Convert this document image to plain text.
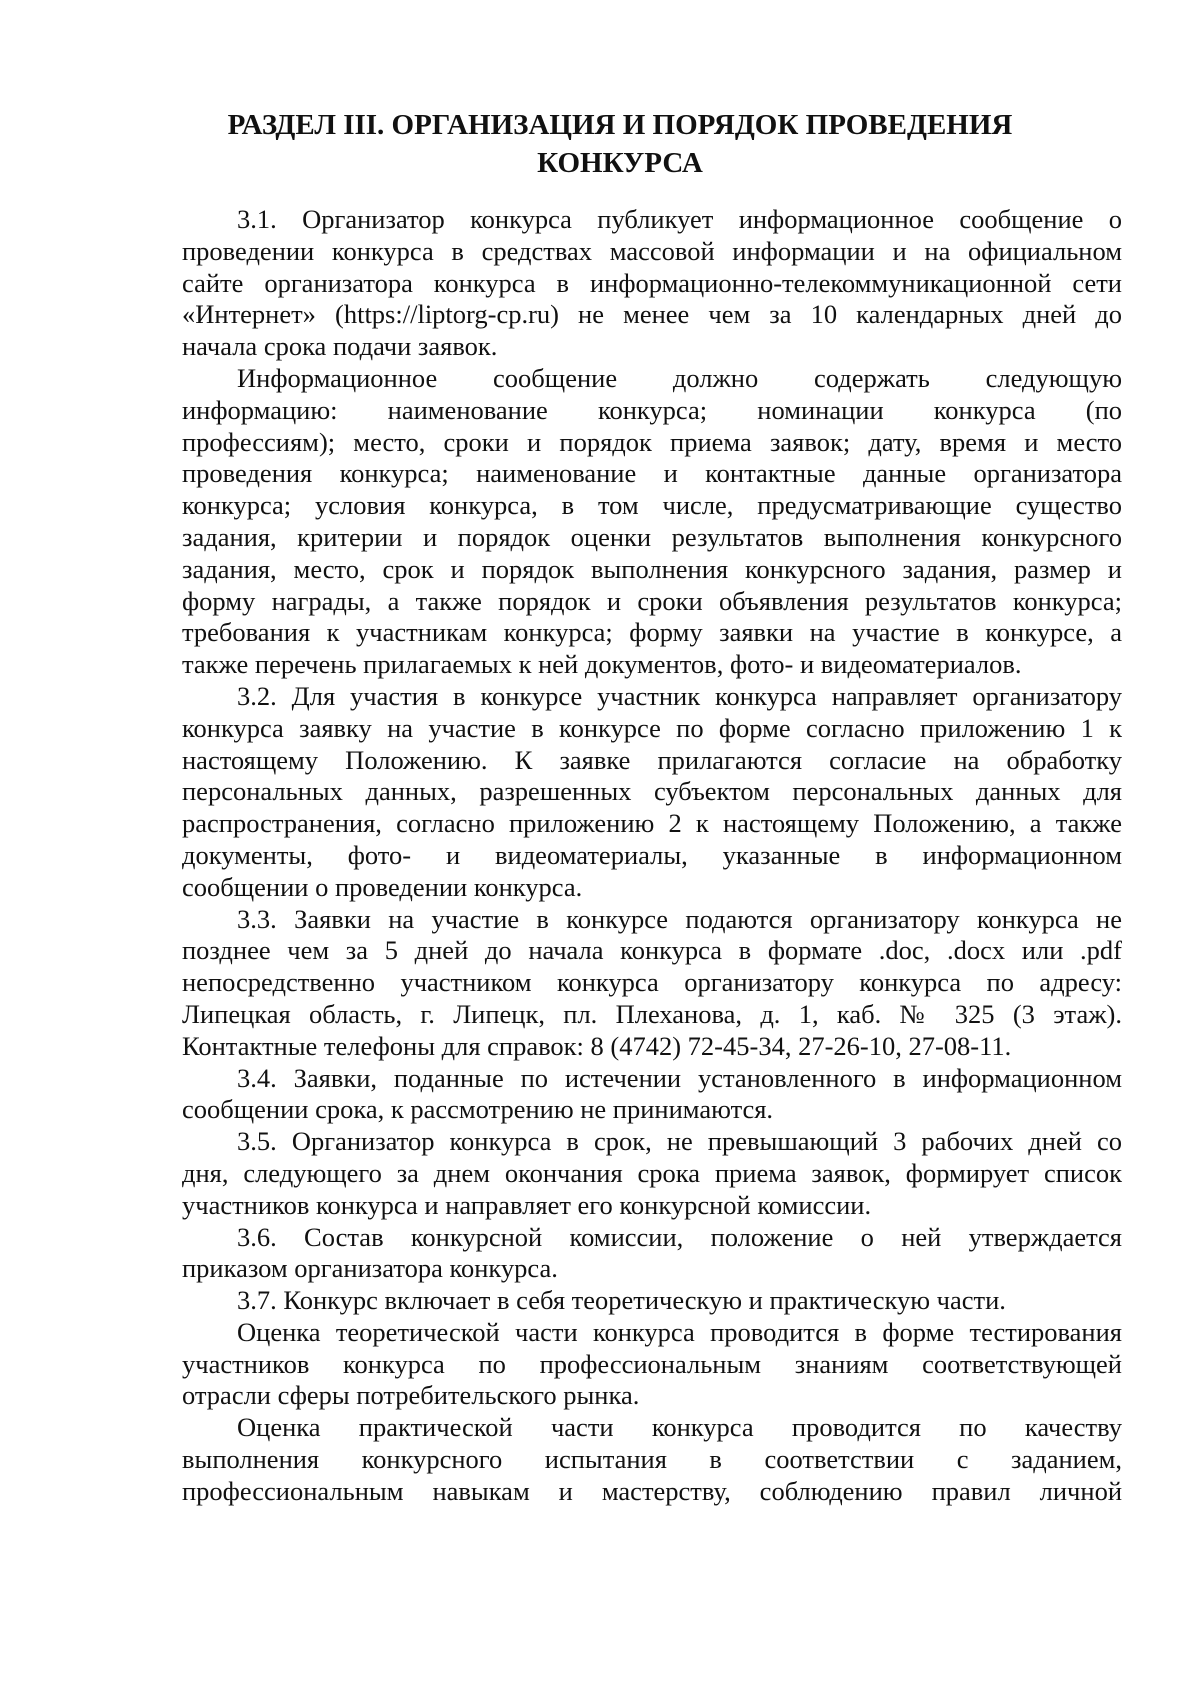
РАЗДЕЛ III. ОРГАНИЗАЦИЯ И ПОРЯДОК ПРОВЕДЕНИЯ
КОНКУРСА
3.1. Организатор конкурса публикует информационное сообщение о
проведении конкурса в средствах массовой информации и на официальном
сайте организатора конкурса в информационно-телекоммуникационной сети
«Интернет» (https://liptorg-cp.ru) не менее чем за 10 календарных дней до
начала срока подачи заявок.
Информационное сообщение должно содержать следующую
информацию: наименование конкурса; номинации конкурса (по
профессиям); место, сроки и порядок приема заявок; дату, время и место
проведения конкурса; наименование и контактные данные организатора
конкурса; условия конкурса, в том числе, предусматривающие существо
задания, критерии и порядок оценки результатов выполнения конкурсного
задания, место, срок и порядок выполнения конкурсного задания, размер и
форму награды, а также порядок и сроки объявления результатов конкурса;
требования к участникам конкурса; форму заявки на участие в конкурсе, а
также перечень прилагаемых к ней документов, фото- и видеоматериалов.
3.2. Для участия в конкурсе участник конкурса направляет организатору
конкурса заявку на участие в конкурсе по форме согласно приложению 1 к
настоящему Положению. К заявке прилагаются согласие на обработку
персональных данных, разрешенных субъектом персональных данных для
распространения, согласно приложению 2 к настоящему Положению, а также
документы, фото- и видеоматериалы, указанные в информационном
сообщении о проведении конкурса.
3.3. Заявки на участие в конкурсе подаются организатору конкурса не
позднее чем за 5 дней до начала конкурса в формате .doc, .docx или .pdf
непосредственно участником конкурса организатору конкурса по адресу:
Липецкая область, г. Липецк, пл. Плеханова, д. 1, каб. № 325 (3 этаж).
Контактные телефоны для справок: 8 (4742) 72-45-34, 27-26-10, 27-08-11.
3.4. Заявки, поданные по истечении установленного в информационном
сообщении срока, к рассмотрению не принимаются.
3.5. Организатор конкурса в срок, не превышающий 3 рабочих дней со
дня, следующего за днем окончания срока приема заявок, формирует список
участников конкурса и направляет его конкурсной комиссии.
3.6. Состав конкурсной комиссии, положение о ней утверждается
приказом организатора конкурса.
3.7. Конкурс включает в себя теоретическую и практическую части.
Оценка теоретической части конкурса проводится в форме тестирования
участников конкурса по профессиональным знаниям соответствующей
отрасли сферы потребительского рынка.
Оценка практической части конкурса проводится по качеству
выполнения конкурсного испытания в соответствии с заданием,
профессиональным навыкам и мастерству, соблюдению правил личной
